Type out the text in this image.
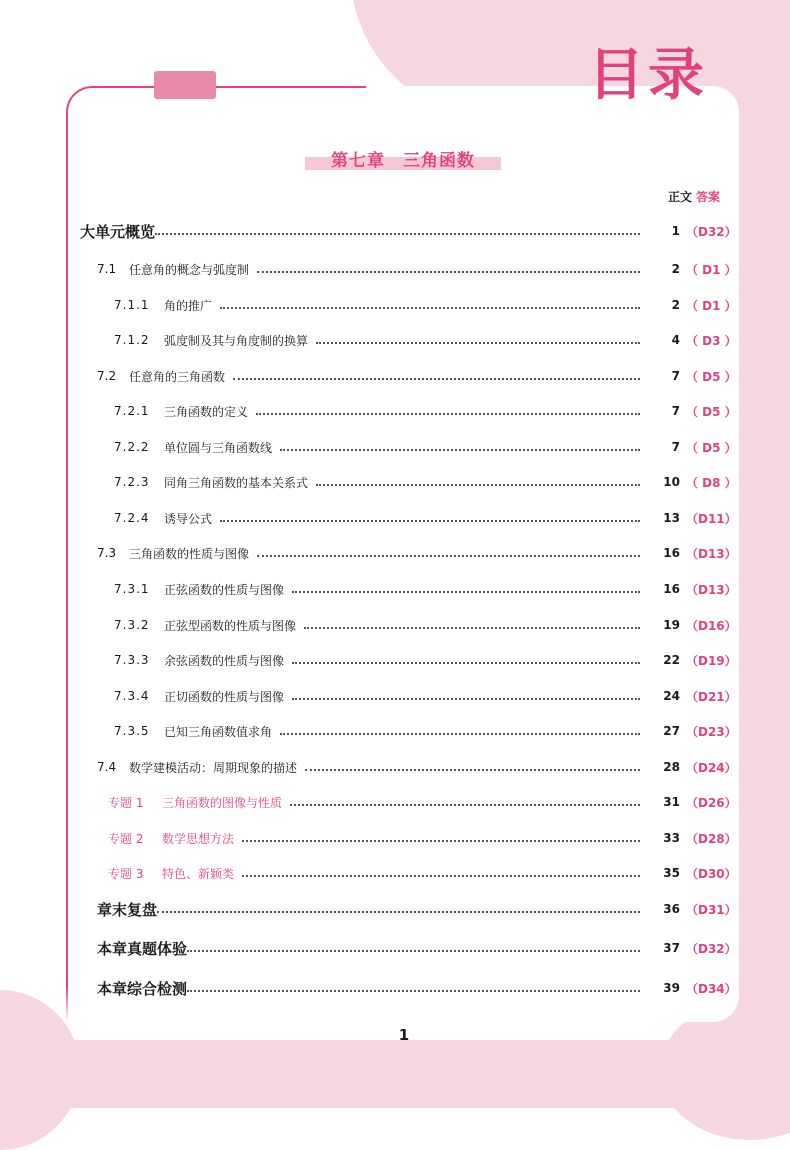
目录
第七章　三角函数
正文 答案
大单元概览	1 （D32）
7.1	任意角的概念与弧度制	2 （ D1 ）
7.1.1	角的推广	2 （ D1 ）
7.1.2	弧度制及其与角度制的换算	4 （ D3 ）
7.2	任意角的三角函数	7 （ D5 ）
7.2.1	三角函数的定义	7 （ D5 ）
7.2.2	单位圆与三角函数线	7 （ D5 ）
7.2.3	同角三角函数的基本关系式	10 （ D8 ）
7.2.4	诱导公式	13 （D11）
7.3	三角函数的性质与图像	16 （D13）
7.3.1	正弦函数的性质与图像	16 （D13）
7.3.2	正弦型函数的性质与图像	19 （D16）
7.3.3	余弦函数的性质与图像	22 （D19）
7.3.4	正切函数的性质与图像	24 （D21）
7.3.5	已知三角函数值求角	27 （D23）
7.4	数学建模活动：周期现象的描述	28 （D24）
专题 1	三角函数的图像与性质	31 （D26）
专题 2	数学思想方法	33 （D28）
专题 3	特色、新颖类	35 （D30）
章末复盘	36 （D31）
本章真题体验	37 （D32）
本章综合检测	39 （D34）
1
